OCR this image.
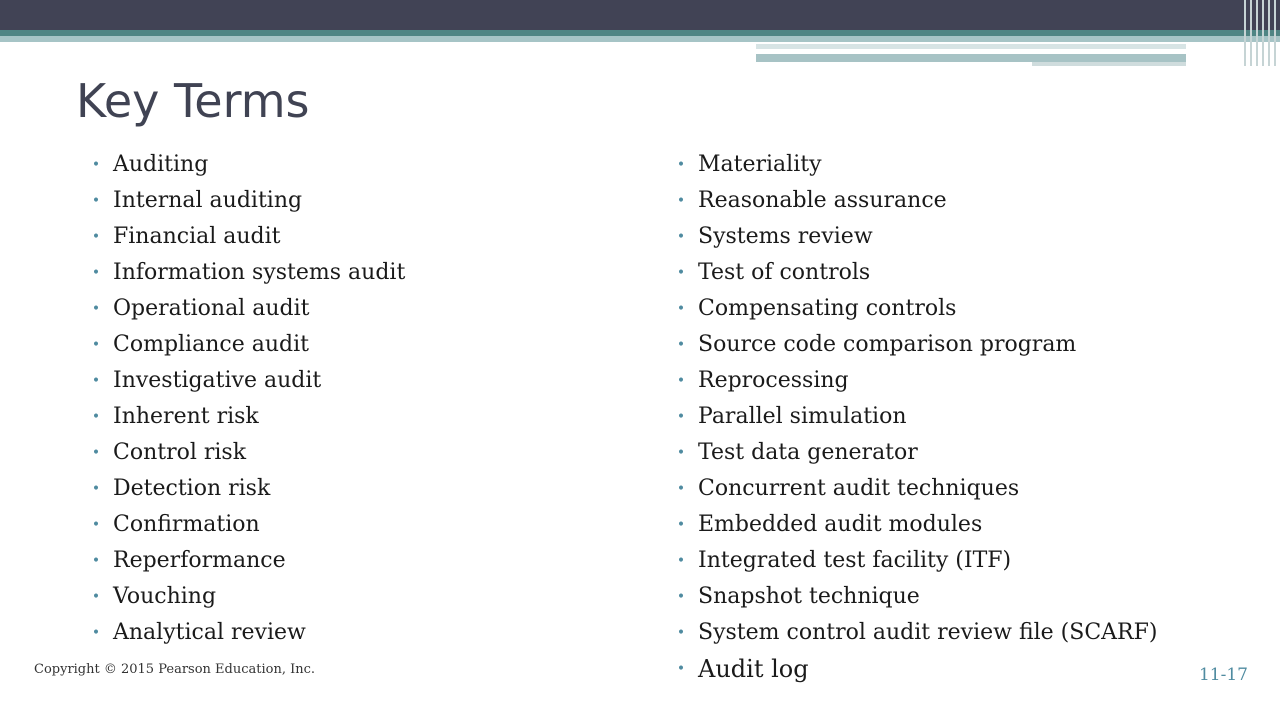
Key Terms
• Auditing
• Internal auditing
• Financial audit
• Information systems audit
• Operational audit
• Compliance audit
• Investigative audit
• Inherent risk
• Control risk
• Detection risk
• Confirmation
• Reperformance
• Vouching
• Analytical review
• Materiality
• Reasonable assurance
• Systems review
• Test of controls
• Compensating controls
• Source code comparison program
• Reprocessing
• Parallel simulation
• Test data generator
• Concurrent audit techniques
• Embedded audit modules
• Integrated test facility (ITF)
• Snapshot technique
• System control audit review file (SCARF)
• Audit log
Copyright © 2015 Pearson Education, Inc.	11-17
